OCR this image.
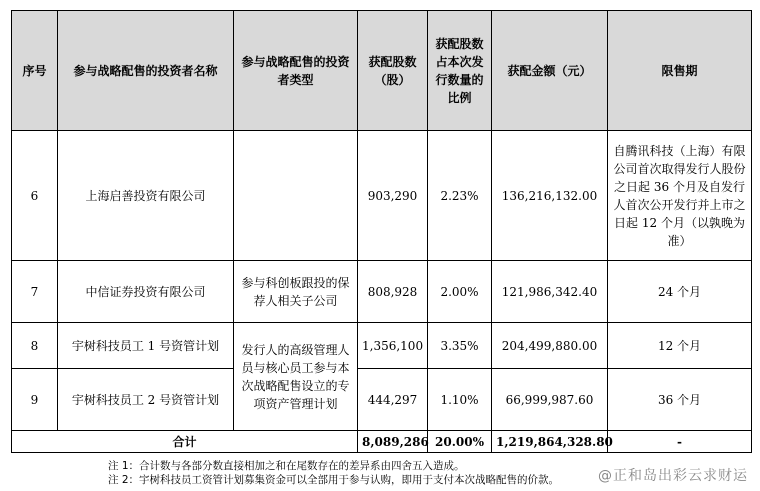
序号	参与战略配售的投资者名称	参与战略配售的投资者类型	获配股数（股）	获配股数占本次发行数量的比例	获配金额（元）	限售期
6	上海启善投资有限公司		903,290	2.23%	136,216,132.00	自腾讯科技（上海）有限公司首次取得发行人股份之日起 36 个月及自发行人首次公开发行并上市之日起 12 个月（以孰晚为准）
7	中信证券投资有限公司	参与科创板跟投的保荐人相关子公司	808,928	2.00%	121,986,342.40	24 个月
8	宇树科技员工 1 号资管计划	发行人的高级管理人员与核心员工参与本次战略配售设立的专项资产管理计划	1,356,100	3.35%	204,499,880.00	12 个月
9	宇树科技员工 2 号资管计划		444,297	1.10%	66,999,987.60	36 个月
合计			8,089,286	20.00%	1,219,864,328.80	-
注 1：合计数与各部分数直接相加之和在尾数存在的差异系由四舍五入造成。
注 2：宇树科技员工资管计划募集资金可以全部用于参与认购，即用于支付本次战略配售的价款。	@正和岛出彩云求财运
